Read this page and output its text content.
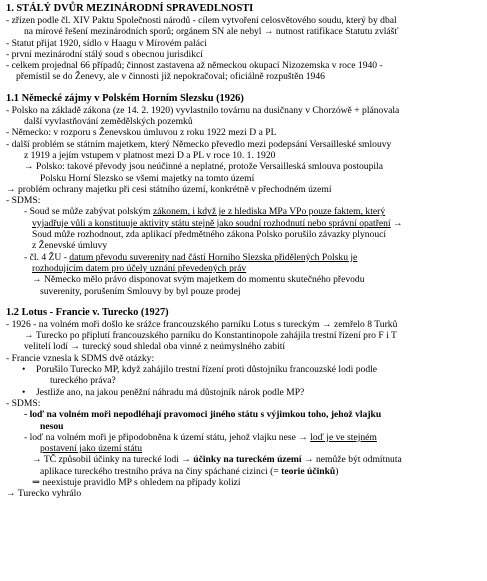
1. STÁLÝ DVŮR MEZINÁRODNÍ SPRAVEDLNOSTI
- zřízen podle čl. XIV Paktu Společnosti národů - cílem vytvoření celosvětového soudu, který by dbal
na mírové řešení mezinárodních sporů; orgánem SN ale nebyl → nutnost ratifikace Statutu zvlášť
- Statut přijat 1920, sídlo v Haagu v Mírovém paláci
- první mezinárodní stálý soud s obecnou jurisdikcí
- celkem projednal 66 případů; činnost zastavena až německou okupací Nizozemska v roce 1940 -
přemístil se do Ženevy, ale v činnosti již nepokračoval; oficiálně rozpuštěn 1946
1.1 Německé zájmy v Polském Horním Slezsku (1926)
- Polsko na základě zákona (ze 14. 2. 1920) vyvlastnilo továrnu na dusičnany v Chorzówě + plánovala
další vyvlastňování zemědělských pozemků
- Německo: v rozporu s Ženevskou úmluvou z roku 1922 mezi D a PL
- další problém se státním majetkem, který Německo převedlo mezi podepsání Versailleské smlouvy
z 1919 a jejím vstupem v platnost mezi D a PL v roce 10. 1. 1920
→ Polsko: takové převody jsou neúčinné a neplatné, protože Versailleská smlouva postoupila
Polsku Horní Slezsko se všemi majetky na tomto území
→ problém ochrany majetku při cesi státního území, konkrétně v přechodném území
- SDMS:
- Soud se může zabývat polským zákonem, i když je z hlediska MPa VPo pouze faktem, který
vyjadřuje vůli a konstituuje aktivity státu stejně jako soudní rozhodnutí nebo správní opatření →
Soud může rozhodnout, zda aplikací předmětného zákona Polsko porušilo závazky plynoucí
z Ženevské úmluvy
- čl. 4 ŽU - datum převodu suverenity nad částí Horního Slezska přidělených Polsku je
rozhodujícím datem pro účely uznání převedených práv
→ Německo mělo právo disponovat svým majetkem do momentu skutečného převodu
suverenity, porušením Smlouvy by byl pouze prodej
1.2 Lotus - Francie v. Turecko (1927)
- 1926 - na volném moři došlo ke srážce francouzského parníku Lotus s tureckým → zemřelo 8 Turků
→ Turecko po připlutí francouzského parníku do Konstantinopole zahájila trestní řízení pro F i T
velitelí lodí → turecký soud shledal oba vinné z neúmyslného zabití
- Francie vznesla k SDMS dvě otázky:
•	Porušilo Turecko MP, když zahájilo trestní řízení proti důstojníku francouzské lodi podle
tureckého práva?
•	Jestliže ano, na jakou peněžní náhradu má důstojník nárok podle MP?
- SDMS:
- loď na volném moři nepodléhají pravomoci jiného státu s výjimkou toho, jehož vlajku
nesou
- loď na volném moři je připodobněna k území státu, jehož vlajku nese → loď je ve stejném
postavení jako území státu
→ TČ způsobil účinky na turecké lodi → účinky na tureckém území → nemůže být odmítnuta
aplikace tureckého trestního práva na činy spáchané cizinci (= teorie účinků)
⇒ neexistuje pravidlo MP s ohledem na případy kolizí
→ Turecko vyhrálo
